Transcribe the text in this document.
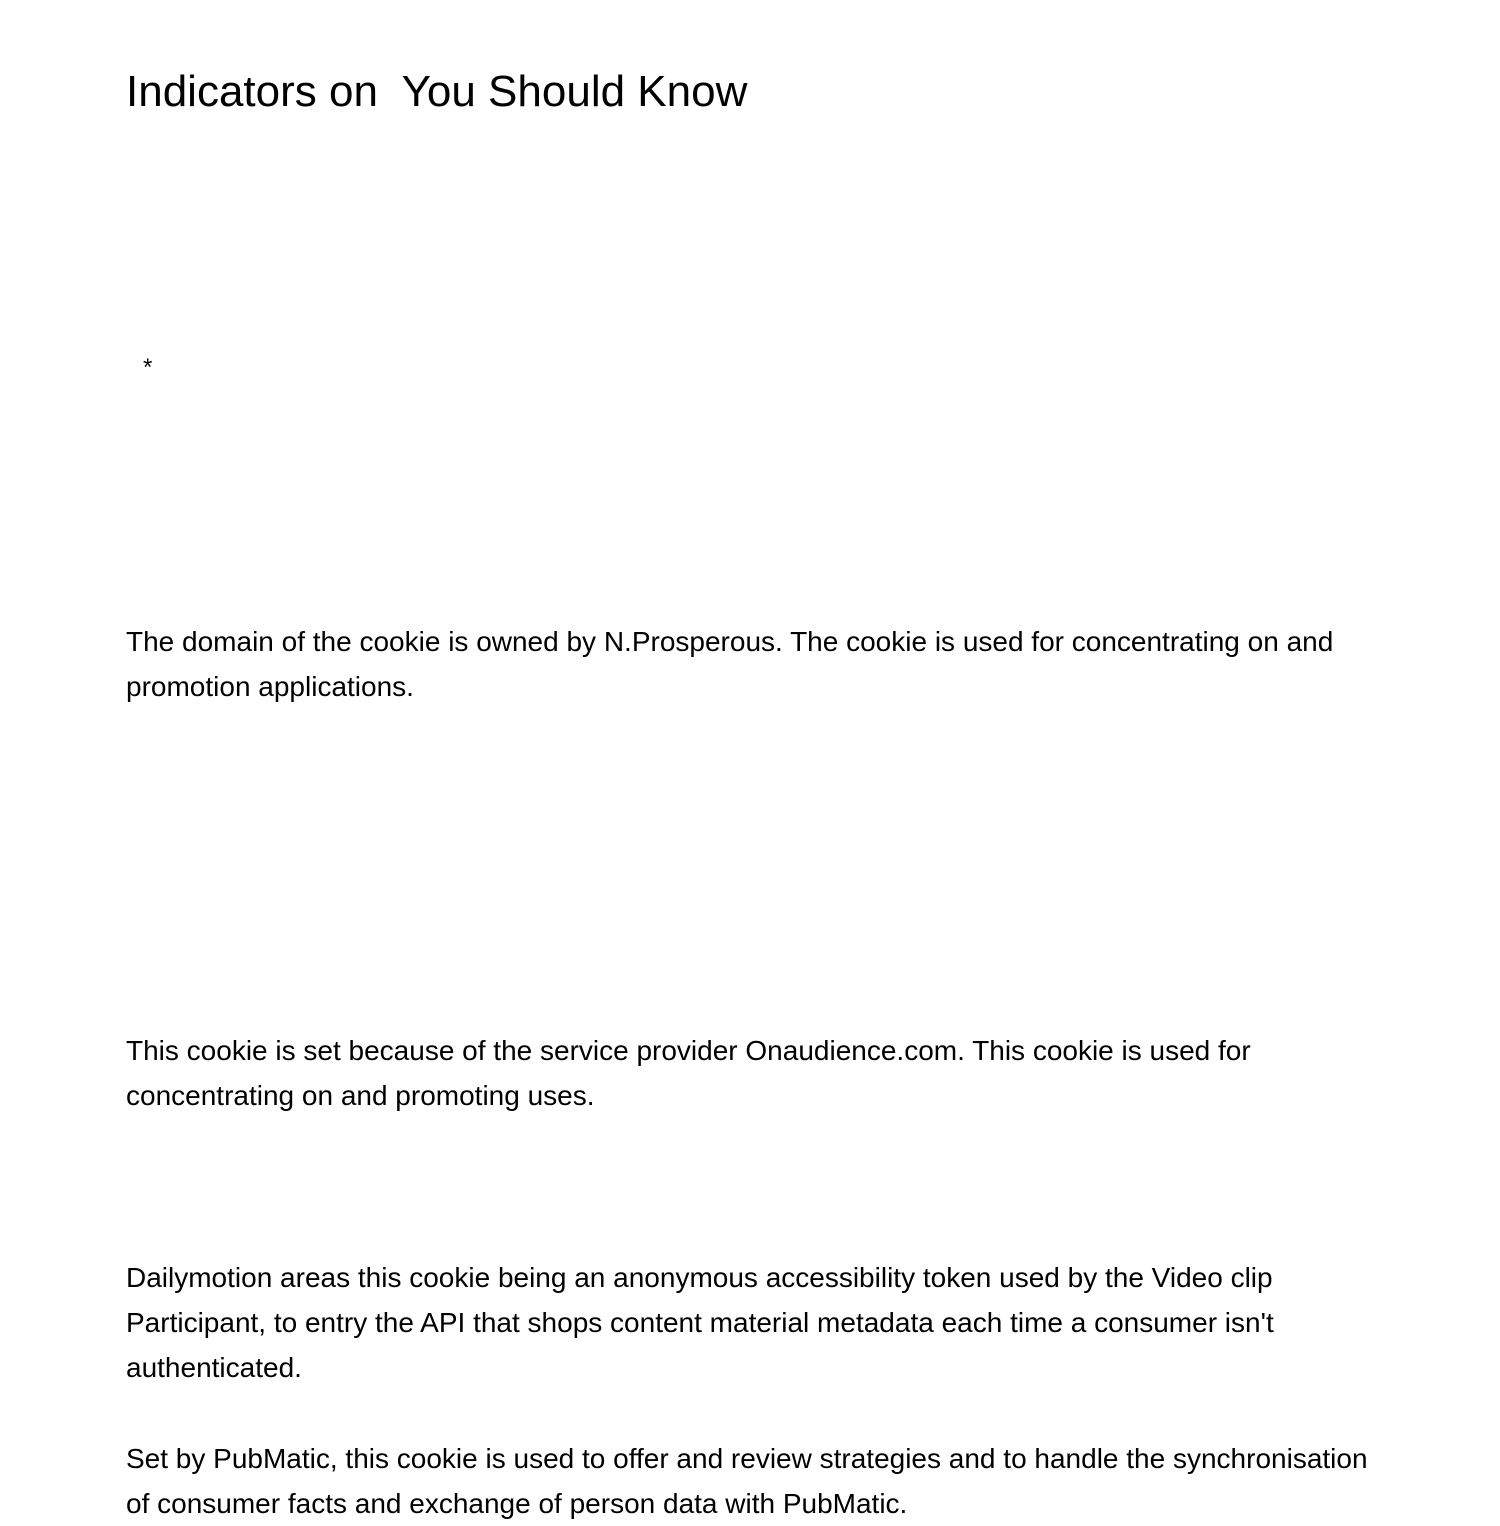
Indicators on  You Should Know
*

The domain of the cookie is owned by N.Prosperous. The cookie is used for concentrating on and promotion applications.

This cookie is set because of the service provider Onaudience.com. This cookie is used for concentrating on and promoting uses.

Dailymotion areas this cookie being an anonymous accessibility token used by the Video clip Participant, to entry the API that shops content material metadata each time a consumer isn't authenticated.

Set by PubMatic, this cookie is used to offer and review strategies and to handle the synchronisation of consumer facts and exchange of person data with PubMatic.
